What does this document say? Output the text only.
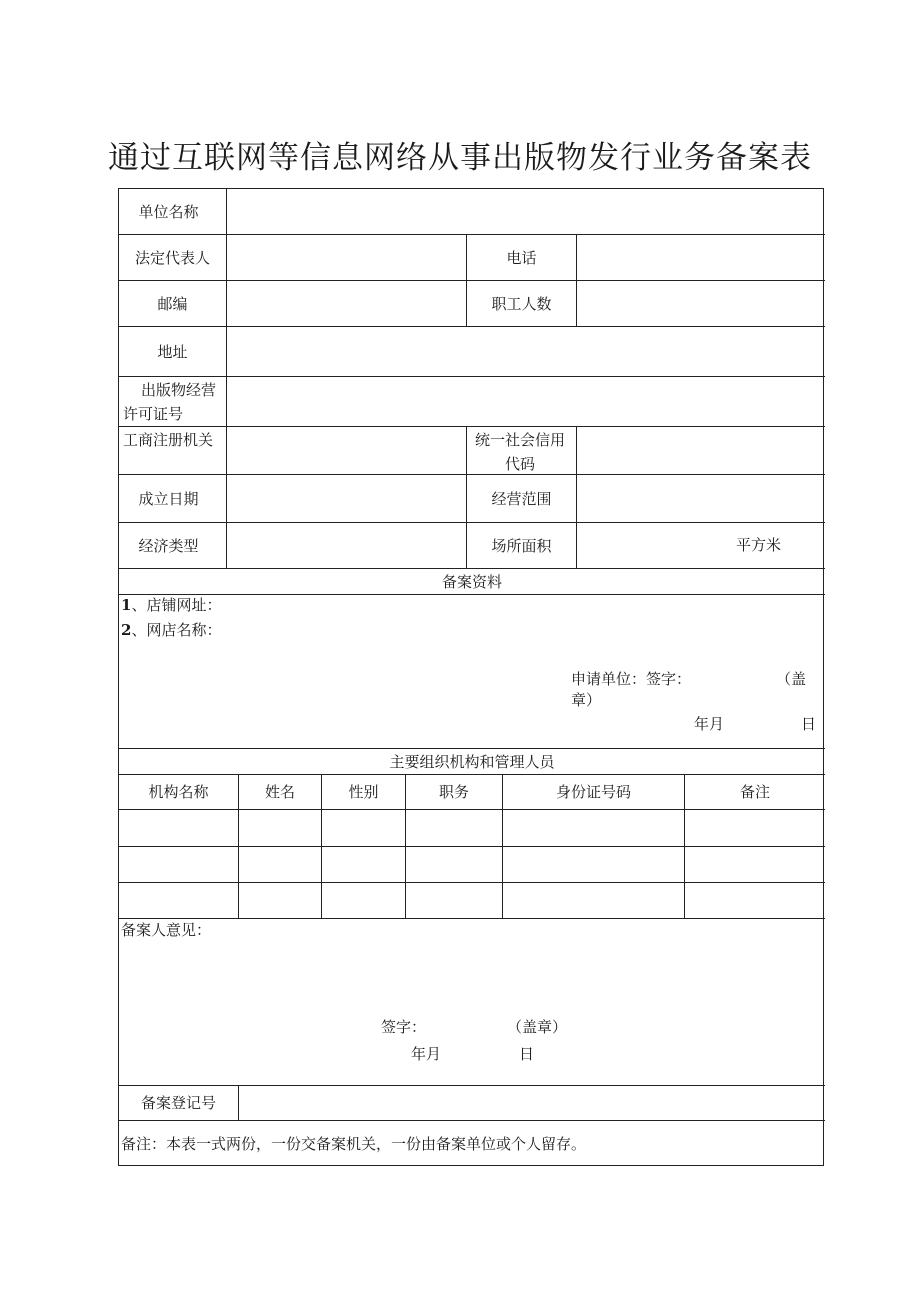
通过互联网等信息网络从事出版物发行业务备案表
单位名称
法定代表人	电话
邮编	职工人数
地址
出版物经营
许可证号
工商注册机关	统一社会信用
代码
成立日期	经营范围
经济类型	场所面积	平方米
备案资料
1、店铺网址：
2、网店名称：
申请单位：签字：	（盖
章）
年月	日
主要组织机构和管理人员
机构名称	姓名	性别	职务	身份证号码	备注
备案人意见：
签字：	（盖章）
年月	日
备案登记号
备注：本表一式两份，一份交备案机关，一份由备案单位或个人留存。
